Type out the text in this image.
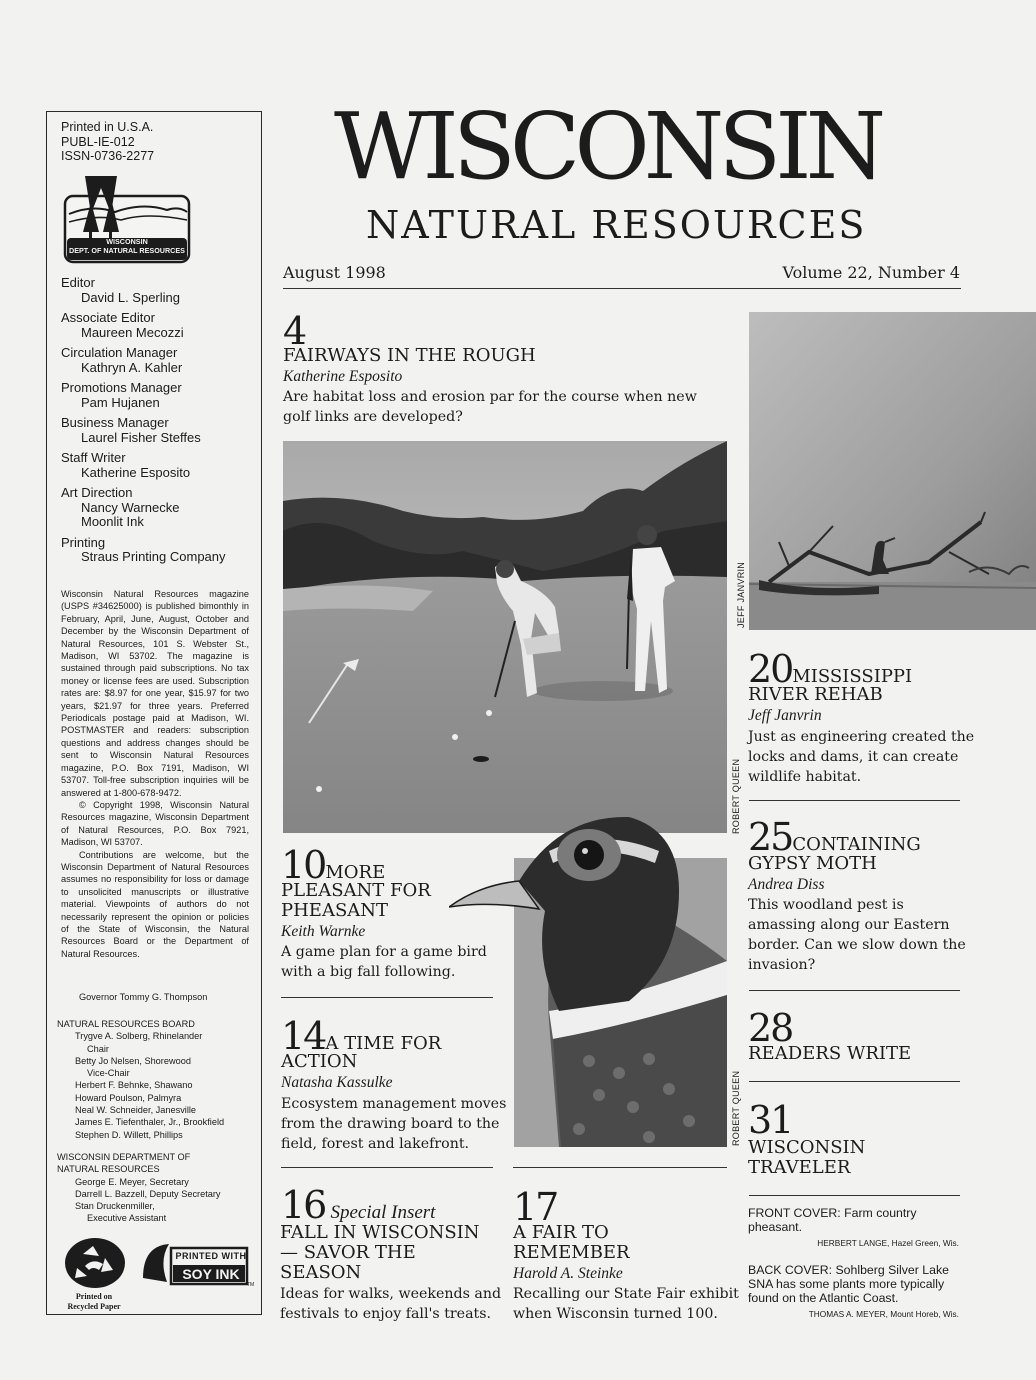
Printed in U.S.A.
PUBL-IE-012
ISSN-0736-2277
WISCONSIN
DEPT. OF NATURAL RESOURCES
Editor
David L. Sperling
Associate Editor
Maureen Mecozzi
Circulation Manager
Kathryn A. Kahler
Promotions Manager
Pam Hujanen
Business Manager
Laurel Fisher Steffes
Staff Writer
Katherine Esposito
Art Direction
Nancy Warnecke
Moonlit Ink
Printing
Straus Printing Company

Wisconsin Natural Resources magazine (USPS #34625000) is published bimonthly in February, April, June, August, October and December by the Wisconsin Department of Natural Resources, 101 S. Webster St., Madison, WI 53702. The magazine is sustained through paid subscriptions. No tax money or license fees are used. Subscription rates are: $8.97 for one year, $15.97 for two years, $21.97 for three years. Preferred Periodicals postage paid at Madison, WI. POSTMASTER and readers: subscription questions and address changes should be sent to Wisconsin Natural Resources magazine, P.O. Box 7191, Madison, WI 53707. Toll-free subscription inquiries will be answered at 1-800-678-9472.

© Copyright 1998, Wisconsin Natural Resources magazine, Wisconsin Department of Natural Resources, P.O. Box 7921, Madison, WI 53707.

Contributions are welcome, but the Wisconsin Department of Natural Resources assumes no responsibility for loss or damage to unsolicited manuscripts or illustrative material. Viewpoints of authors do not necessarily represent the opinion or policies of the State of Wisconsin, the Natural Resources Board or the Department of Natural Resources.

Governor Tommy G. Thompson
NATURAL RESOURCES BOARD
Trygve A. Solberg, Rhinelander
Chair
Betty Jo Nelsen, Shorewood
Vice-Chair
Herbert F. Behnke, Shawano
Howard Poulson, Palmyra
Neal W. Schneider, Janesville
James E. Tiefenthaler, Jr., Brookfield
Stephen D. Willett, Phillips
WISCONSIN DEPARTMENT OF
NATURAL RESOURCES
George E. Meyer, Secretary
Darrell L. Bazzell, Deputy Secretary
Stan Druckenmiller,
Executive Assistant
Printed on
Recycled Paper
PRINTED WITH
SOY INK
TM
WISCONSIN
NATURAL RESOURCES
August 1998	Volume 22, Number 4
4
FAIRWAYS IN THE ROUGH
Katherine Esposito
Are habitat loss and erosion par for the course when new golf links are developed?
JEFF JANVRIN
ROBERT QUEEN
ROBERT QUEEN
10MORE
PLEASANT FOR
PHEASANT
Keith Warnke
A game plan for a game bird
with a big fall following.
14A TIME FOR
ACTION
Natasha Kassulke
Ecosystem management moves
from the drawing board to the
field, forest and lakefront.
16 Special Insert
FALL IN WISCONSIN
— SAVOR THE
SEASON
Ideas for walks, weekends and
festivals to enjoy fall's treats.
17
A FAIR TO
REMEMBER
Harold A. Steinke
Recalling our State Fair exhibit
when Wisconsin turned 100.
20MISSISSIPPI
RIVER REHAB
Jeff Janvrin
Just as engineering created the
locks and dams, it can create
wildlife habitat.
25CONTAINING
GYPSY MOTH
Andrea Diss
This woodland pest is
amassing along our Eastern
border. Can we slow down the
invasion?
28
READERS WRITE
31
WISCONSIN
TRAVELER
FRONT COVER: Farm country
pheasant.
HERBERT LANGE, Hazel Green, Wis.
BACK COVER: Sohlberg Silver Lake
SNA has some plants more typically
found on the Atlantic Coast.
THOMAS A. MEYER, Mount Horeb, Wis.
